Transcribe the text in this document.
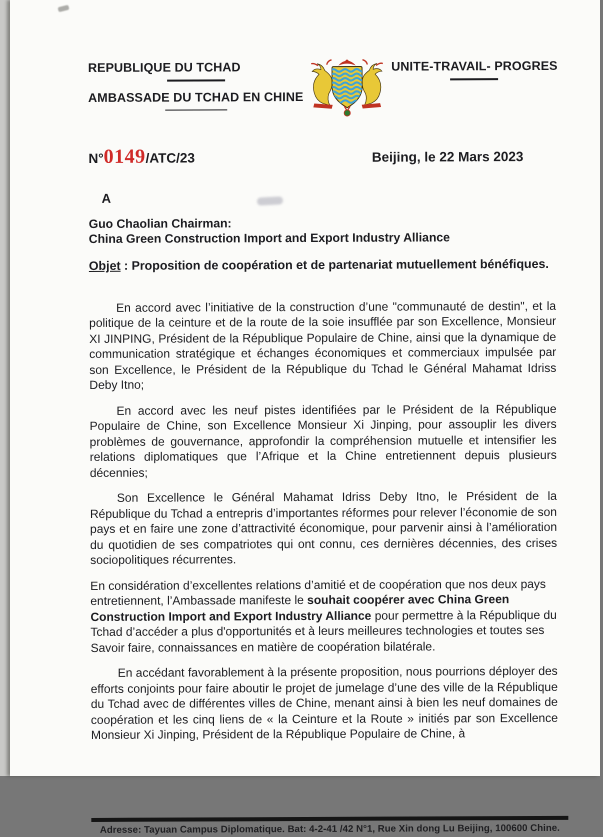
REPUBLIQUE DU TCHAD
AMBASSADE DU TCHAD EN CHINE
UNITE-TRAVAIL- PROGRES
N°0149/ATC/23	Beijing, le 22 Mars 2023
A
Guo Chaolian Chairman:
China Green Construction Import and Export Industry Alliance
Objet : Proposition de coopération et de partenariat mutuellement bénéfiques.

En accord avec l’initiative de la construction d’une "communauté de destin", et la politique de la ceinture et de la route de la soie insufflée par son Excellence, Monsieur XI JINPING, Président de la République Populaire de Chine, ainsi que la dynamique de communication stratégique et échanges économiques et commerciaux impulsée par son Excellence, le Président de la République du Tchad le Général Mahamat Idriss Deby Itno;

En accord avec les neuf pistes identifiées par le Président de la République Populaire de Chine, son Excellence Monsieur Xi Jinping, pour assouplir les divers problèmes de gouvernance, approfondir la compréhension mutuelle et intensifier les relations diplomatiques que l’Afrique et la Chine entretiennent depuis plusieurs décennies;

Son Excellence le Général Mahamat Idriss Deby Itno, le Président de la République du Tchad a entrepris d’importantes réformes pour relever l’économie de son pays et en faire une zone d’attractivité économique, pour parvenir ainsi à l’amélioration du quotidien de ses compatriotes qui ont connu, ces dernières décennies, des crises sociopolitiques récurrentes.

En considération d’excellentes relations d’amitié et de coopération que nos deux pays entretiennent, l’Ambassade manifeste le souhait coopérer avec China Green Construction Import and Export Industry Alliance pour permettre à la République du Tchad d’accéder a plus d'opportunités et à leurs meilleures technologies et toutes ses Savoir faire, connaissances en matière de coopération bilatérale.

En accédant favorablement à la présente proposition, nous pourrions déployer des efforts conjoints pour faire aboutir le projet de jumelage d’une des ville de la République du Tchad avec de différentes villes de Chine, menant ainsi à bien les neuf domaines de coopération et les cinq liens de « la Ceinture et la Route » initiés par son Excellence Monsieur Xi Jinping, Président de la République Populaire de Chine, à

Adresse: Tayuan Campus Diplomatique. Bat: 4-2-41 /42 N°1, Rue Xin dong Lu Beijing, 100600 Chine.
